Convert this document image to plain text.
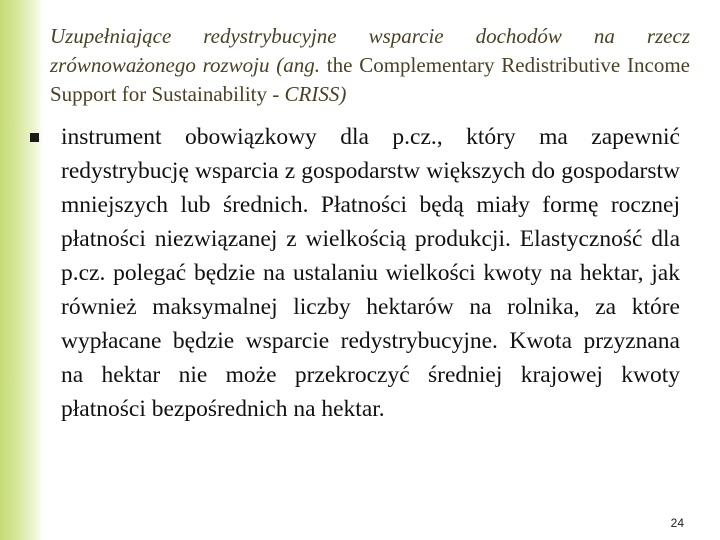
Uzupełniające redystrybucyjne wsparcie dochodów na rzecz zrównoważonego rozwoju (ang. the Complementary Redistributive Income Support for Sustainability - CRISS)

instrument obowiązkowy dla p.cz., który ma zapewnić redystrybucję wsparcia z gospodarstw większych do gospodarstw mniejszych lub średnich. Płatności będą miały formę rocznej płatności niezwiązanej z wielkością produkcji. Elastyczność dla p.cz. polegać będzie na ustalaniu wielkości kwoty na hektar, jak również maksymalnej liczby hektarów na rolnika, za które wypłacane będzie wsparcie redystrybucyjne. Kwota przyznana na hektar nie może przekroczyć średniej krajowej kwoty płatności bezpośrednich na hektar.
24
